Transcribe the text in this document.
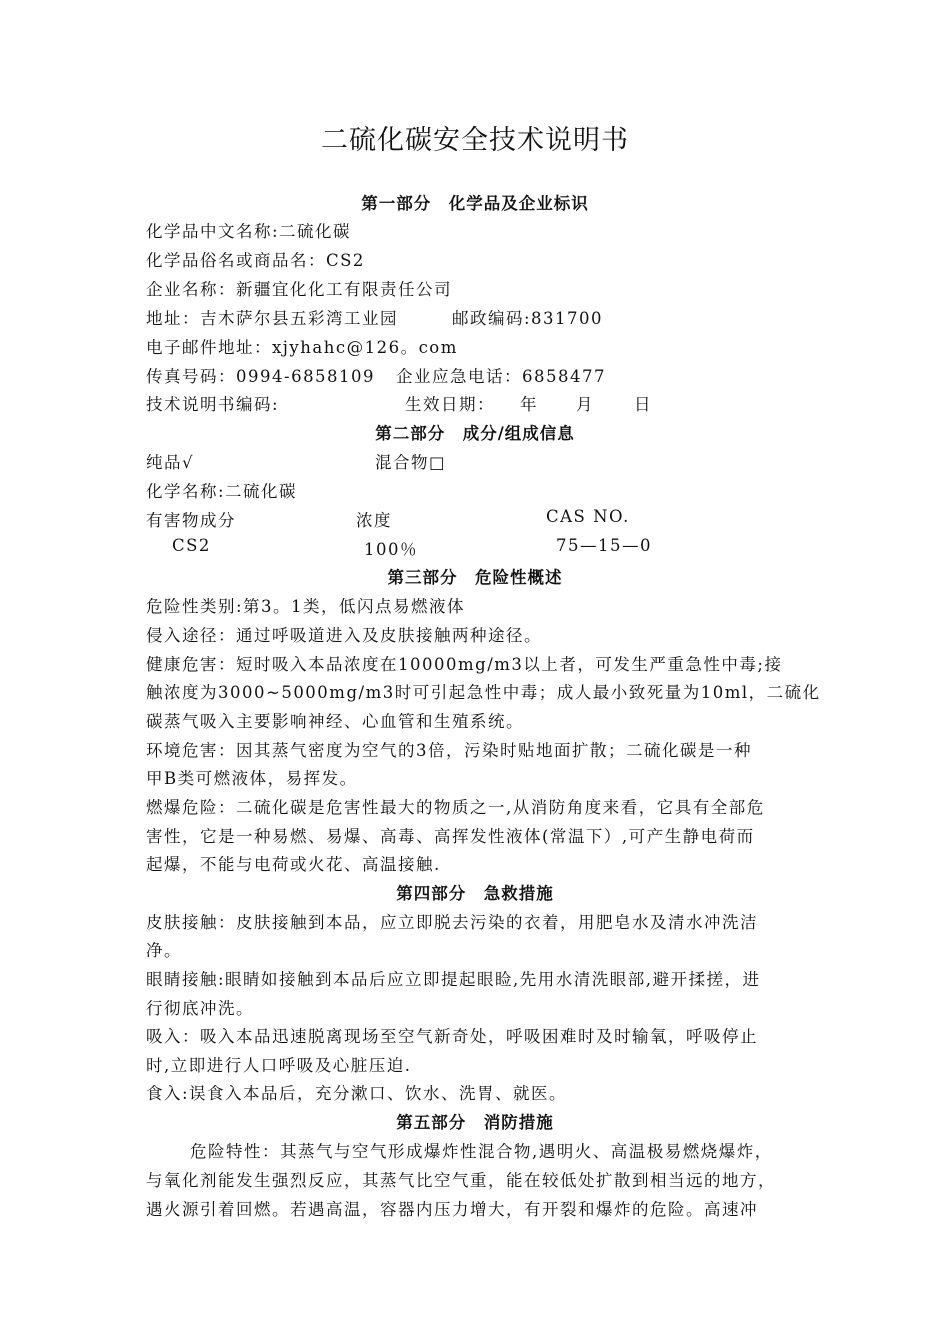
二硫化碳安全技术说明书
第一部分　化学品及企业标识
化学品中文名称:二硫化碳
化学品俗名或商品名：CS2
企业名称：新疆宜化化工有限责任公司
地址：吉木萨尔县五彩湾工业园	邮政编码:831700
电子邮件地址：xjyhahc@126。com
传真号码：0994-6858109 企业应急电话：6858477
技术说明书编码:	生效日期： 年 月 日
第二部分　成分/组成信息
纯品√	混合物□
化学名称:二硫化碳
有害物成分	浓度	CAS NO.
CS2	100％	75—15—0
第三部分　危险性概述
危险性类别:第3。1类，低闪点易燃液体
侵入途径：通过呼吸道进入及皮肤接触两种途径。
健康危害：短时吸入本品浓度在10000mg/m3以上者，可发生严重急性中毒;接
触浓度为3000~5000mg/m3时可引起急性中毒；成人最小致死量为10ml，二硫化
碳蒸气吸入主要影响神经、心血管和生殖系统。
环境危害：因其蒸气密度为空气的3倍，污染时贴地面扩散；二硫化碳是一种
甲B类可燃液体，易挥发。
燃爆危险：二硫化碳是危害性最大的物质之一,从消防角度来看，它具有全部危
害性，它是一种易燃、易爆、高毒、高挥发性液体(常温下）,可产生静电荷而
起爆，不能与电荷或火花、高温接触.
第四部分　急救措施
皮肤接触：皮肤接触到本品，应立即脱去污染的衣着，用肥皂水及清水冲洗洁
净。
眼睛接触:眼睛如接触到本品后应立即提起眼睑,先用水清洗眼部,避开揉搓，进
行彻底冲洗。
吸入：吸入本品迅速脱离现场至空气新奇处，呼吸困难时及时输氧，呼吸停止
时,立即进行人口呼吸及心脏压迫.
食入:误食入本品后，充分漱口、饮水、洗胃、就医。
第五部分　消防措施
危险特性：其蒸气与空气形成爆炸性混合物,遇明火、高温极易燃烧爆炸，
与氧化剂能发生强烈反应，其蒸气比空气重，能在较低处扩散到相当远的地方，
遇火源引着回燃。若遇高温，容器内压力增大，有开裂和爆炸的危险。高速冲
